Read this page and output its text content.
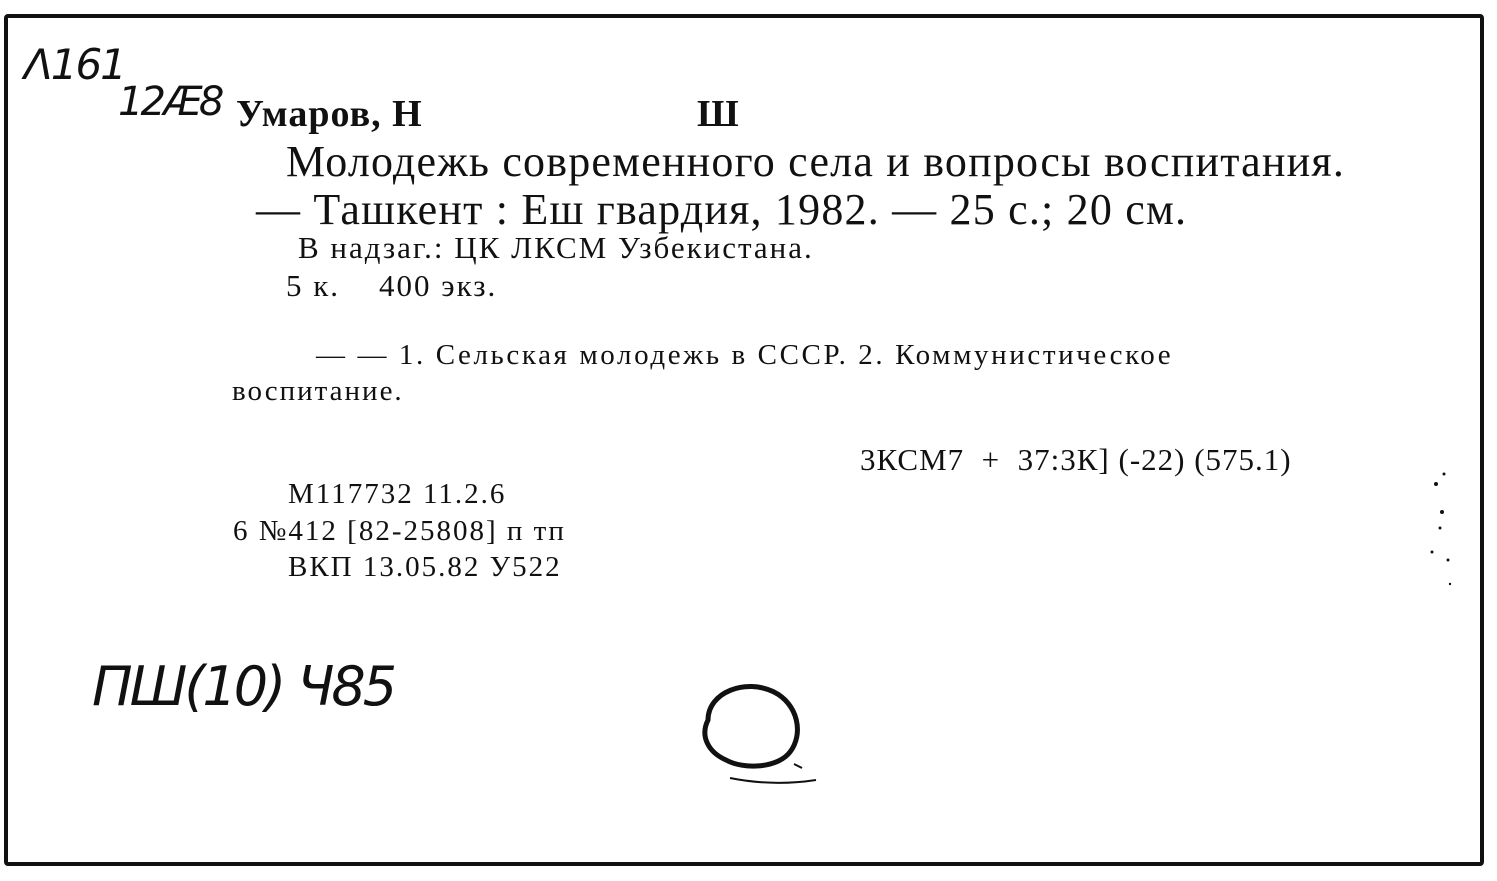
Λ161
12Ӕ8 Умаров, Н	Ш
Молодежь современного села и вопросы воспитания.
— Ташкент : Еш гвардия, 1982. — 25 с.; 20 см.
В надзаг.: ЦК ЛКСМ Узбекистана.
5 к.    400 экз.
— — 1. Сельская молодежь в СССР. 2. Коммунистическое
воспитание.
3КСМ7  +  37:3К] (-22) (575.1)
М117732 11.2.6
6 №412 [82-25808] п тп
ВКП 13.05.82 У522
ПШ(10) Ч85
